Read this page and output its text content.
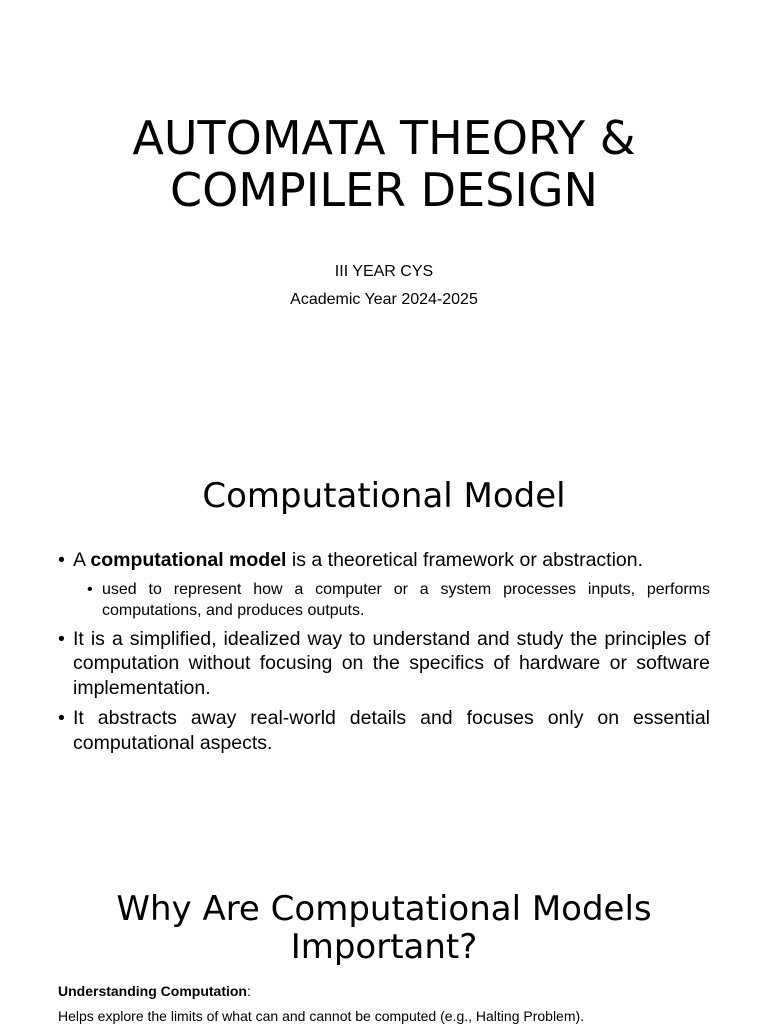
AUTOMATA THEORY &
COMPILER DESIGN

III YEAR CYS

Academic Year 2024-2025

Computational Model
• A computational model is a theoretical framework or abstraction.
• used to represent how a computer or a system processes inputs, performs computations, and produces outputs.
• It is a simplified, idealized way to understand and study the principles of computation without focusing on the specifics of hardware or software implementation.
• It abstracts away real-world details and focuses only on essential computational aspects.
Why Are Computational Models
Important?

Understanding Computation:

Helps explore the limits of what can and cannot be computed (e.g., Halting Problem).
